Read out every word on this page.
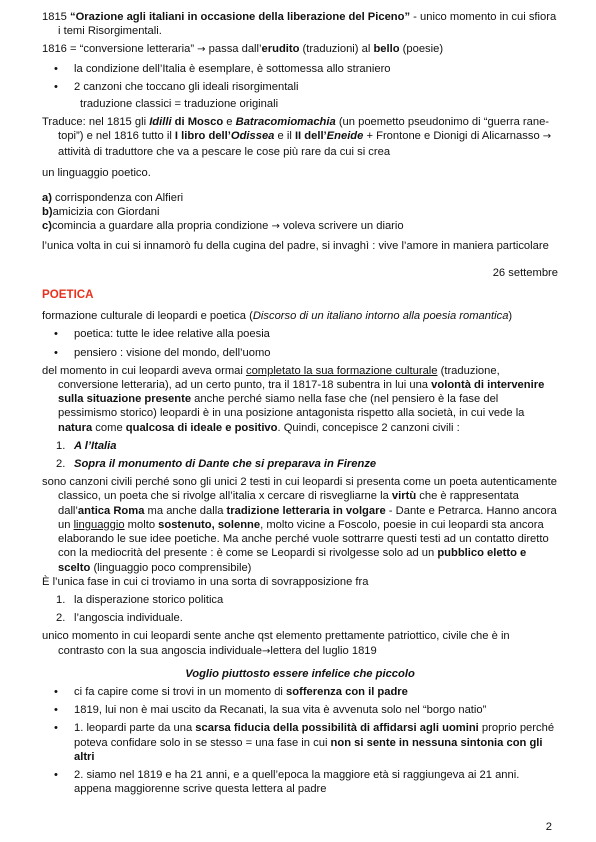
1815 “Orazione agli italiani in occasione della liberazione del Piceno” - unico momento in cui sfiora i temi Risorgimentali.

1816 = “conversione letteraria” → passa dall’erudito (traduzioni) al bello (poesie)

• la condizione dell’Italia è esemplare, è sottomessa allo straniero
• 2 canzoni che toccano gli ideali risorgimentali

traduzione classici = traduzione originali

Traduce: nel 1815 gli Idilli di Mosco e Batracomiomachia (un poemetto pseudonimo di “guerra rane-topi”) e nel 1816 tutto il I libro dell’Odissea e il II dell’Eneide + Frontone e Dionigi di Alicarnasso → attività di traduttore che va a pescare le cose più rare da cui si crea

un linguaggio poetico.

a) corrispondenza con Alfieri

b)amicizia con Giordani

c)comincia a guardare alla propria condizione → voleva scrivere un diario

l’unica volta in cui si innamorò fu della cugina del padre, si invaghì : vive l’amore in maniera particolare

26 settembre

POETICA

formazione culturale di leopardi e poetica (Discorso di un italiano intorno alla poesia romantica)

• poetica: tutte le idee relative alla poesia
• pensiero : visione del mondo, dell’uomo

del momento in cui leopardi aveva ormai completato la sua formazione culturale (traduzione, conversione letteraria), ad un certo punto, tra il 1817-18 subentra in lui una volontà di intervenire sulla situazione presente anche perché siamo nella fase che (nel pensiero è la fase del pessimismo storico) leopardi è in una posizione antagonista rispetto alla società, in cui vede la natura come qualcosa di ideale e positivo. Quindi, concepisce 2 canzoni civili :

1. A l’Italia
2. Sopra il monumento di Dante che si preparava in Firenze

sono canzoni civili perché sono gli unici 2 testi in cui leopardi si presenta come un poeta autenticamente classico, un poeta che si rivolge all’italia x cercare di risvegliarne la virtù che è rappresentata dall’antica Roma ma anche dalla tradizione letteraria in volgare - Dante e Petrarca. Hanno ancora un linguaggio molto sostenuto, solenne, molto vicine a Foscolo, poesie in cui leopardi sta ancora elaborando le sue idee poetiche. Ma anche perché vuole sottrarre questi testi ad un contatto diretto con la mediocrità del presente : è come se Leopardi si rivolgesse solo ad un pubblico eletto e scelto (linguaggio poco comprensibile)

È l’unica fase in cui ci troviamo in una sorta di sovrapposizione fra

1. la disperazione storico politica
2. l’angoscia individuale.

unico momento in cui leopardi sente anche qst elemento prettamente patriottico, civile che è in contrasto con la sua angoscia individuale→lettera del luglio 1819

Voglio piuttosto essere infelice che piccolo

• ci fa capire come si trovi in un momento di sofferenza con il padre
• 1819, lui non è mai uscito da Recanati, la sua vita è avvenuta solo nel “borgo natio”
• 1. leopardi parte da una scarsa fiducia della possibilità di affidarsi agli uomini proprio perché poteva confidare solo in se stesso = una fase in cui non si sente in nessuna sintonia con gli altri
• 2. siamo nel 1819 e ha 21 anni, e a quell’epoca la maggiore età si raggiungeva ai 21 anni. appena maggiorenne scrive questa lettera al padre
2
